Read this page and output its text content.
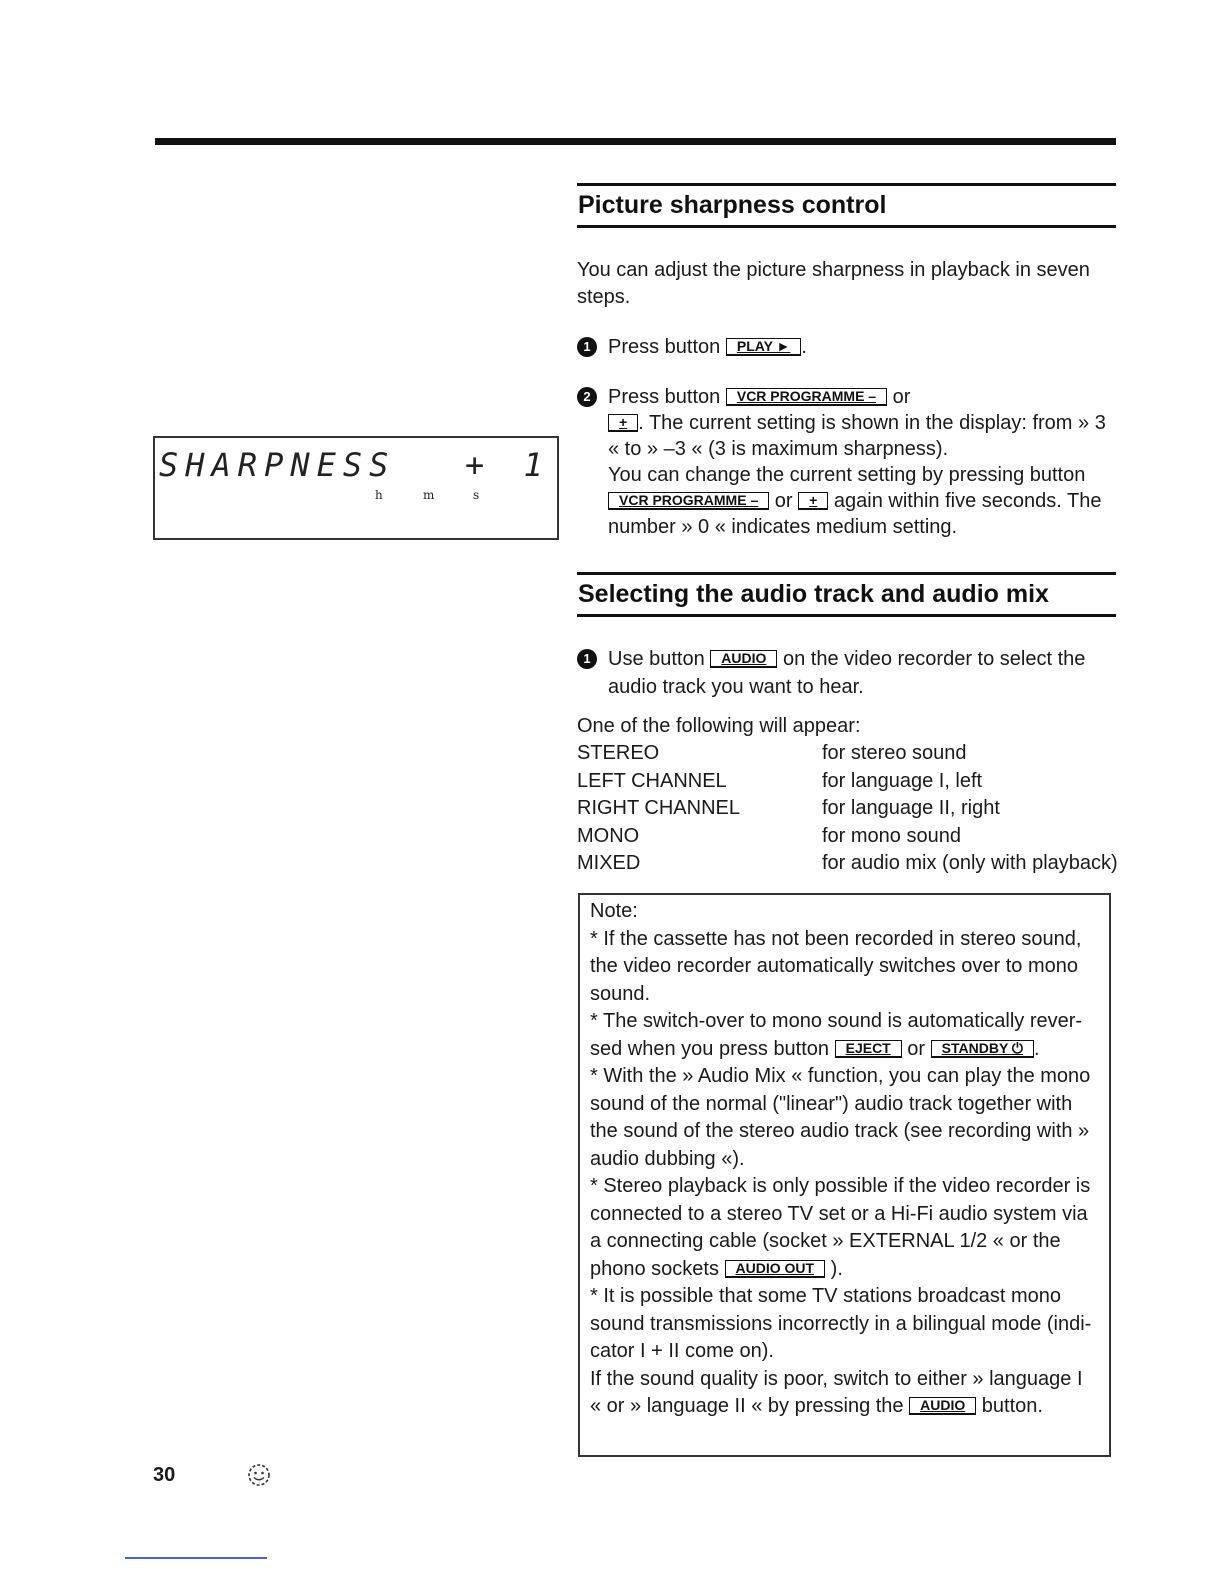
SHARPNESS + 1
h	m	s
Picture sharpness control

You can adjust the picture sharpness in playback in seven steps.

1 Press button PLAY ► .
2 Press button VCR PROGRAMME – or
+ . The current setting is shown in the display: from » 3 « to » –3 « (3 is maximum sharpness).
You can change the current setting by pressing button
VCR PROGRAMME – or + again within five seconds. The number » 0 « indicates medium setting.
Selecting the audio track and audio mix
1 Use button AUDIO on the video recorder to select the audio track you want to hear.

One of the following will appear:

STEREO	for stereo sound
LEFT CHANNEL	for language I, left
RIGHT CHANNEL	for language II, right
MONO	for mono sound
MIXED	for audio mix (only with playback)

Note:

* If the cassette has not been recorded in stereo sound, the video recorder automatically switches over to mono sound.

* The switch-over to mono sound is automatically rever-sed when you press button EJECT or STANDBY ⏻ .

* With the » Audio Mix « function, you can play the mono sound of the normal ("linear") audio track together with the sound of the stereo audio track (see recording with » audio dubbing «).

* Stereo playback is only possible if the video recorder is connected to a stereo TV set or a Hi-Fi audio system via a connecting cable (socket » EXTERNAL 1/2 « or the phono sockets AUDIO OUT ).

* It is possible that some TV stations broadcast mono sound transmissions incorrectly in a bilingual mode (indi-cator I + II come on).

If the sound quality is poor, switch to either » language I « or » language II « by pressing the AUDIO button.

30
